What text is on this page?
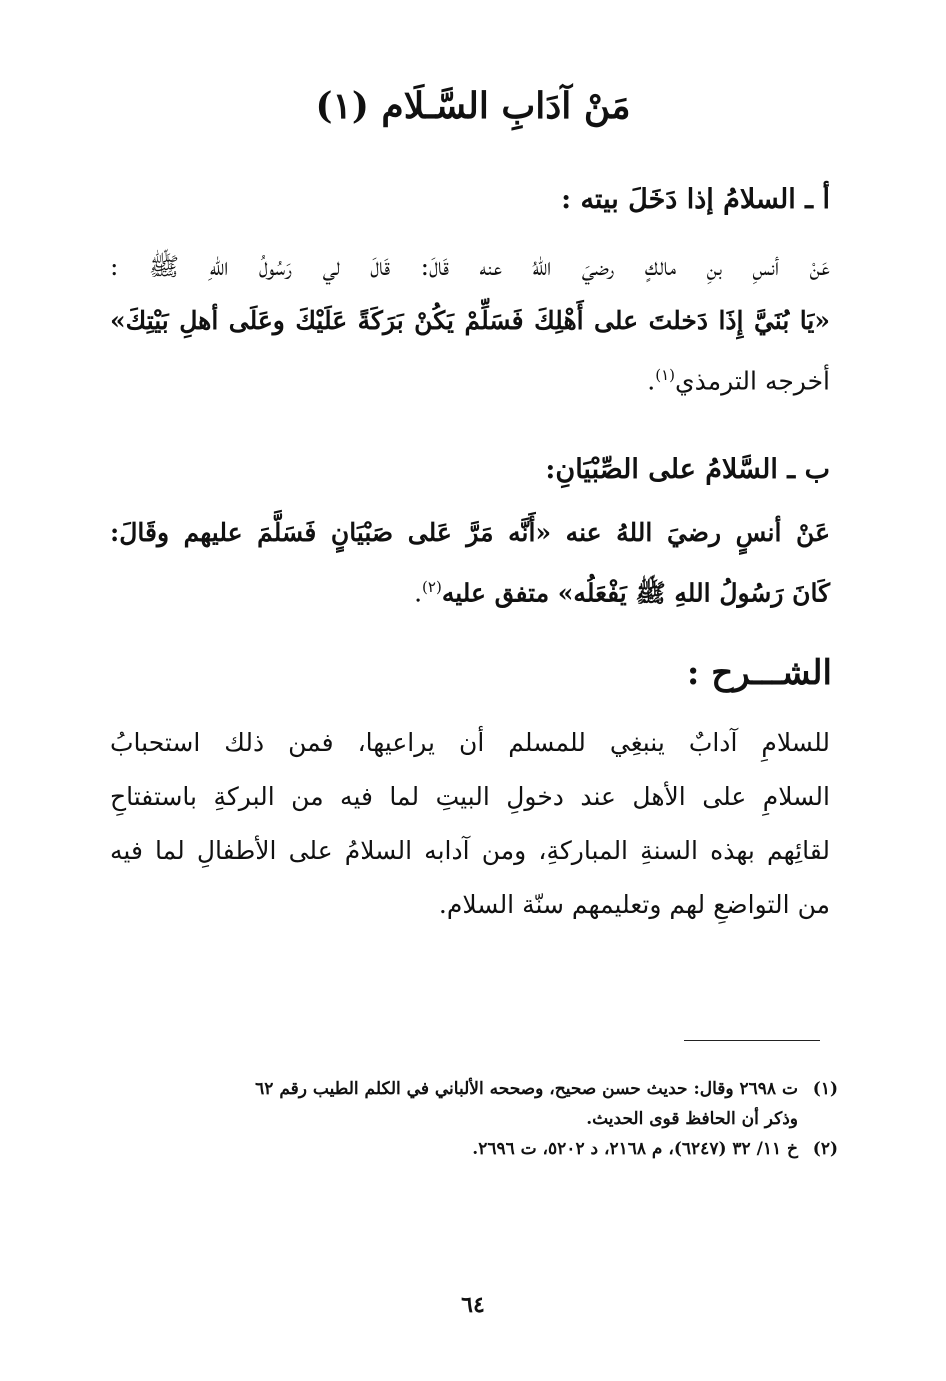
مَنْ آدَابِ السَّـلَام (١)
أ ـ السلامُ إذا دَخَلَ بيته :
عَنْ أنسِ بنِ مالكٍ رضيَ اللهُ عنه قَالَ: قَالَ لي رَسُولُ اللهِ ﷺ :
«يَا بُنَيَّ إِذَا دَخلتَ على أَهْلِكَ فَسَلِّمْ يَكُنْ بَرَكَةً عَلَيْكَ وعَلَى أهلِ بَيْتِكَ»
أخرجه الترمذي$^{(١)}$.
ب ـ السَّلامُ على الصِّبْيَانِ:
عَنْ أنسٍ رضيَ اللهُ عنه «أَنَّه مَرَّ عَلى صَبْيَانٍ فَسَلَّمَ عليهم وقَالَ:
كَانَ رَسُولُ اللهِ ﷺ يَفْعَلُه» متفق عليه$^{(٢)}$.
الشـــرح :
للسلامِ آدابٌ ينبغِي للمسلم أن يراعيها، فمن ذلك استحبابُ
السلامِ على الأهل عند دخولِ البيتِ لما فيه من البركةِ باستفتاحِ
لقائِهم بهذه السنةِ المباركةِ، ومن آدابه السلامُ على الأطفالِ لما فيه
من التواضعِ لهم وتعليمهم سنّة السلام.
(١)
ت ٢٦٩٨ وقال: حديث حسن صحيح، وصححه الألباني في الكلم الطيب رقم ٦٢
وذكر أن الحافظ قوى الحديث.
(٢)
خ ١١/ ٣٢ (٦٢٤٧)، م ٢١٦٨، د ٥٢٠٢، ت ٢٦٩٦.
٦٤
